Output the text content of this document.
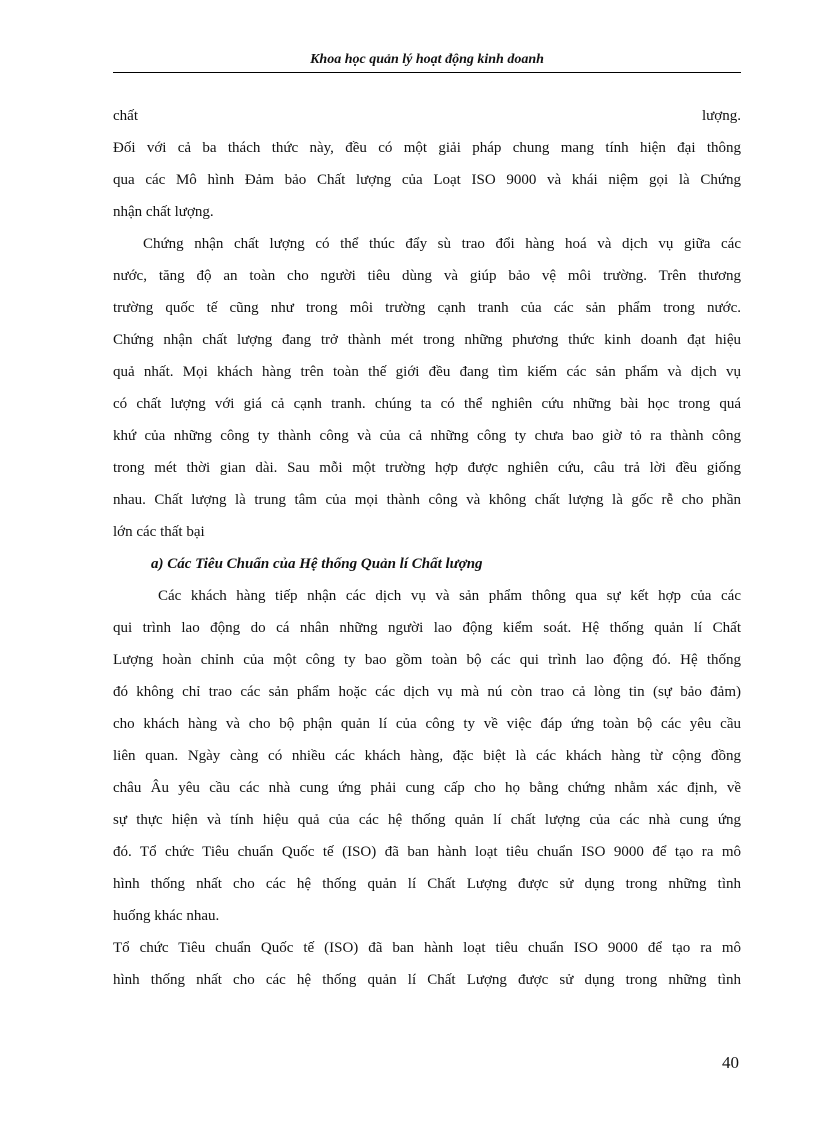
Khoa học quản lý hoạt động kinh doanh
chất lượng.
Đối với cả ba thách thức này, đều có một giải pháp chung mang tính hiện đại thông
qua các Mô hình Đảm bảo Chất lượng của Loạt ISO 9000 và khái niệm gọi là Chứng
nhận chất lượng.
Chứng nhận chất lượng có thể thúc đẩy sù trao đổi hàng hoá và dịch vụ giữa các
nước, tăng độ an toàn cho người tiêu dùng và giúp bảo vệ môi trường. Trên thương
trường quốc tế cũng như trong môi trường cạnh tranh của các sản phẩm trong nước.
Chứng nhận chất lượng đang trở thành mét trong những phương thức kinh doanh đạt hiệu
quả nhất. Mọi khách hàng trên toàn thế giới đều đang tìm kiếm các sản phẩm và dịch vụ
có chất lượng với giá cả cạnh tranh. chúng ta có thể nghiên cứu những bài học trong quá
khứ của những công ty thành công và của cả những công ty chưa bao giờ tỏ ra thành công
trong mét thời gian dài. Sau mỗi một trường hợp được nghiên cứu, câu trả lời đều giống
nhau. Chất lượng là trung tâm của mọi thành công và không chất lượng là gốc rễ cho phần
lớn các thất bại
a) Các Tiêu Chuẩn của Hệ thống Quản lí Chất lượng
Các khách hàng tiếp nhận các dịch vụ và sản phẩm thông qua sự kết hợp của các
qui trình lao động do cá nhân những người lao động kiểm soát. Hệ thống quản lí Chất
Lượng hoàn chỉnh của một công ty bao gồm toàn bộ các qui trình lao động đó. Hệ thống
đó không chỉ trao các sản phẩm hoặc các dịch vụ mà nú còn trao cả lòng tin (sự bảo đảm)
cho khách hàng và cho bộ phận quản lí của công ty về việc đáp ứng toàn bộ các yêu cầu
liên quan. Ngày càng có nhiều các khách hàng, đặc biệt là các khách hàng từ cộng đồng
châu Âu yêu cầu các nhà cung ứng phải cung cấp cho họ bằng chứng nhằm xác định, về
sự thực hiện và tính hiệu quả của các hệ thống quản lí chất lượng của các nhà cung ứng
đó. Tổ chức Tiêu chuẩn Quốc tế (ISO) đã ban hành loạt tiêu chuẩn ISO 9000 để tạo ra mô
hình thống nhất cho các hệ thống quản lí Chất Lượng được sử dụng trong những tình
huống khác nhau.
Tổ chức Tiêu chuẩn Quốc tế (ISO) đã ban hành loạt tiêu chuẩn ISO 9000 để tạo ra mô
hình thống nhất cho các hệ thống quản lí Chất Lượng được sử dụng trong những tình
40
